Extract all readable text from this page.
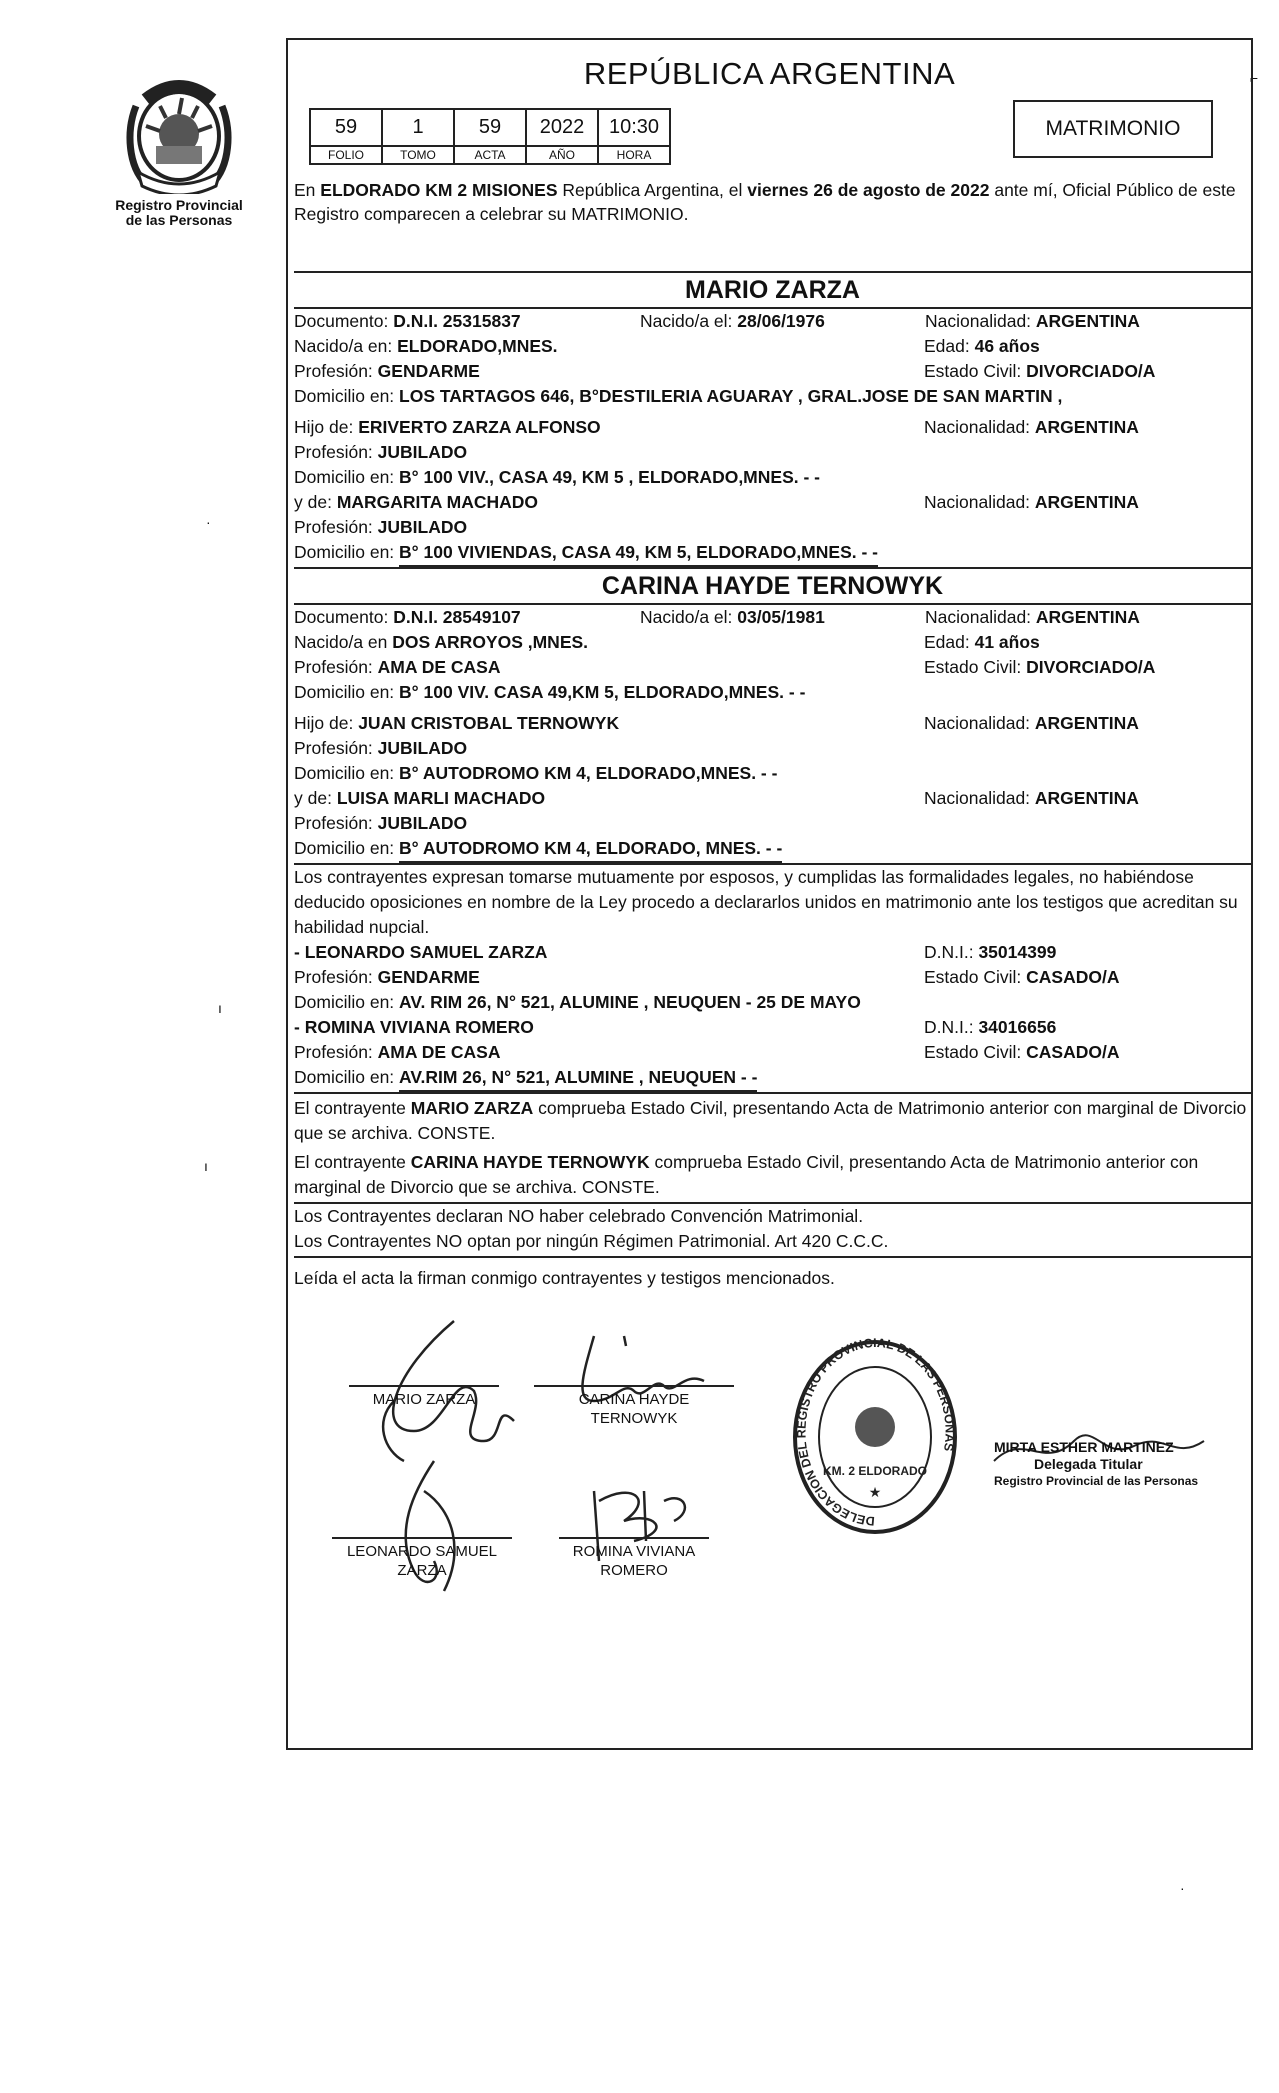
Registro Provincial
de las Personas
⌐
·
ı
ı
·
REPÚBLICA ARGENTINA
59	1	59	2022	10:30
FOLIO	TOMO	ACTA	AÑO	HORA
MATRIMONIO
En ELDORADO KM 2 MISIONES República Argentina, el viernes 26 de agosto de 2022 ante mí, Oficial Público de este Registro comparecen a celebrar su MATRIMONIO.
MARIO ZARZA
Documento: D.N.I. 25315837	Nacido/a el: 28/06/1976	Nacionalidad: ARGENTINA
Nacido/a en: ELDORADO,MNES.	Edad: 46 años
Profesión: GENDARME	Estado Civil: DIVORCIADO/A
Domicilio en: LOS TARTAGOS 646, B°DESTILERIA AGUARAY , GRAL.JOSE DE SAN MARTIN ,
Hijo de: ERIVERTO ZARZA ALFONSO	Nacionalidad: ARGENTINA
Profesión: JUBILADO
Domicilio en: B° 100 VIV., CASA 49, KM 5 , ELDORADO,MNES. - -
y de: MARGARITA MACHADO	Nacionalidad: ARGENTINA
Profesión: JUBILADO
Domicilio en: B° 100 VIVIENDAS, CASA 49, KM 5, ELDORADO,MNES. - -
CARINA HAYDE TERNOWYK
Documento: D.N.I. 28549107	Nacido/a el: 03/05/1981	Nacionalidad: ARGENTINA
Nacido/a en DOS ARROYOS ,MNES.	Edad: 41 años
Profesión: AMA DE CASA	Estado Civil: DIVORCIADO/A
Domicilio en: B° 100 VIV. CASA 49,KM 5, ELDORADO,MNES. - -
Hijo de: JUAN CRISTOBAL TERNOWYK	Nacionalidad: ARGENTINA
Profesión: JUBILADO
Domicilio en: B° AUTODROMO KM 4, ELDORADO,MNES. - -
y de: LUISA MARLI MACHADO	Nacionalidad: ARGENTINA
Profesión: JUBILADO
Domicilio en: B° AUTODROMO KM 4, ELDORADO, MNES. - -
Los contrayentes expresan tomarse mutuamente por esposos, y cumplidas las formalidades legales, no habiéndose deducido oposiciones en nombre de la Ley procedo a declararlos unidos en matrimonio ante los testigos que acreditan su habilidad nupcial.
- LEONARDO SAMUEL ZARZA	D.N.I.: 35014399
Profesión: GENDARME	Estado Civil: CASADO/A
Domicilio en: AV. RIM 26, N° 521, ALUMINE , NEUQUEN - 25 DE MAYO
- ROMINA VIVIANA ROMERO	D.N.I.: 34016656
Profesión: AMA DE CASA	Estado Civil: CASADO/A
Domicilio en: AV.RIM 26, N° 521, ALUMINE , NEUQUEN - -
El contrayente MARIO ZARZA comprueba Estado Civil, presentando Acta de Matrimonio anterior con marginal de Divorcio que se archiva. CONSTE.
El contrayente CARINA HAYDE TERNOWYK comprueba Estado Civil, presentando Acta de Matrimonio anterior con marginal de Divorcio que se archiva. CONSTE.
Los Contrayentes declaran NO haber celebrado Convención Matrimonial.
Los Contrayentes NO optan por ningún Régimen Patrimonial. Art 420 C.C.C.
Leída el acta la firman conmigo contrayentes y testigos mencionados.
MARIO ZARZA	CARINA HAYDE
TERNOWYK
LEONARDO SAMUEL
ZARZA
ROMINA VIVIANA
ROMERO
DELEGACION DEL REGISTRO PROVINCIAL DE LAS PERSONAS
KM. 2 ELDORADO
★
MIRTA ESTHER MARTINEZ
Delegada Titular
Registro Provincial de las Personas
